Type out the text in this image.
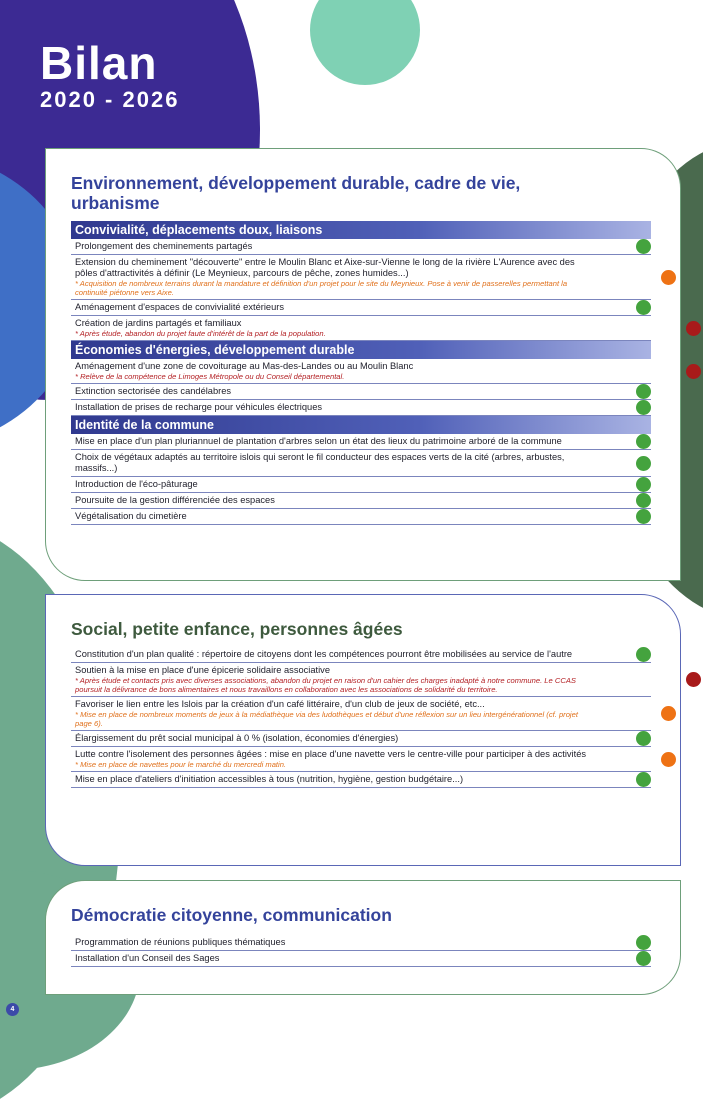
Bilan
2020 - 2026
Environnement, développement durable, cadre de vie, urbanisme
Convivialité, déplacements doux, liaisons
Prolongement des cheminements partagés
Extension du cheminement "découverte" entre le Moulin Blanc et Aixe-sur-Vienne le long de la rivière L'Aurence avec des pôles d'attractivités à définir (Le Meynieux, parcours de pêche, zones humides...)
* Acquisition de nombreux terrains durant la mandature et définition d'un projet pour le site du Meynieux. Pose à venir de passerelles permettant la continuité piétonne vers Aixe.
Aménagement d'espaces de convivialité extérieurs
Création de jardins partagés et familiaux
* Après étude, abandon du projet faute d'intérêt de la part de la population.
Économies d'énergies, développement durable
Aménagement d'une zone de covoiturage au Mas-des-Landes ou au Moulin Blanc
* Relève de la compétence de Limoges Métropole ou du Conseil départemental.
Extinction sectorisée des candélabres
Installation de prises de recharge pour véhicules électriques
Identité de la commune
Mise en place d'un plan pluriannuel de plantation d'arbres selon un état des lieux du patrimoine arboré de la commune
Choix de végétaux adaptés au territoire islois qui seront le fil conducteur des espaces verts de la cité (arbres, arbustes, massifs...)
Introduction de l'éco-pâturage
Poursuite de la gestion différenciée des espaces
Végétalisation du cimetière
Social, petite enfance, personnes âgées
Constitution d'un plan qualité : répertoire de citoyens dont les compétences pourront être mobilisées au service de l'autre
Soutien à la mise en place d'une épicerie solidaire associative
* Après étude et contacts pris avec diverses associations, abandon du projet en raison d'un cahier des charges inadapté à notre commune. Le CCAS poursuit la délivrance de bons alimentaires et nous travaillons en collaboration avec les associations de solidarité du territoire.
Favoriser le lien entre les Islois par la création d'un café littéraire, d'un club de jeux de société, etc...
* Mise en place de nombreux moments de jeux à la médiathèque via des ludothèques et début d'une réflexion sur un lieu intergénérationnel (cf. projet page 6).
Élargissement du prêt social municipal à 0 % (isolation, économies d'énergies)
Lutte contre l'isolement des personnes âgées : mise en place d'une navette vers le centre-ville pour participer à des activités
* Mise en place de navettes pour le marché du mercredi matin.
Mise en place d'ateliers d'initiation accessibles à tous (nutrition, hygiène, gestion budgétaire...)
Démocratie citoyenne, communication
Programmation de réunions publiques thématiques
Installation d'un Conseil des Sages
4
